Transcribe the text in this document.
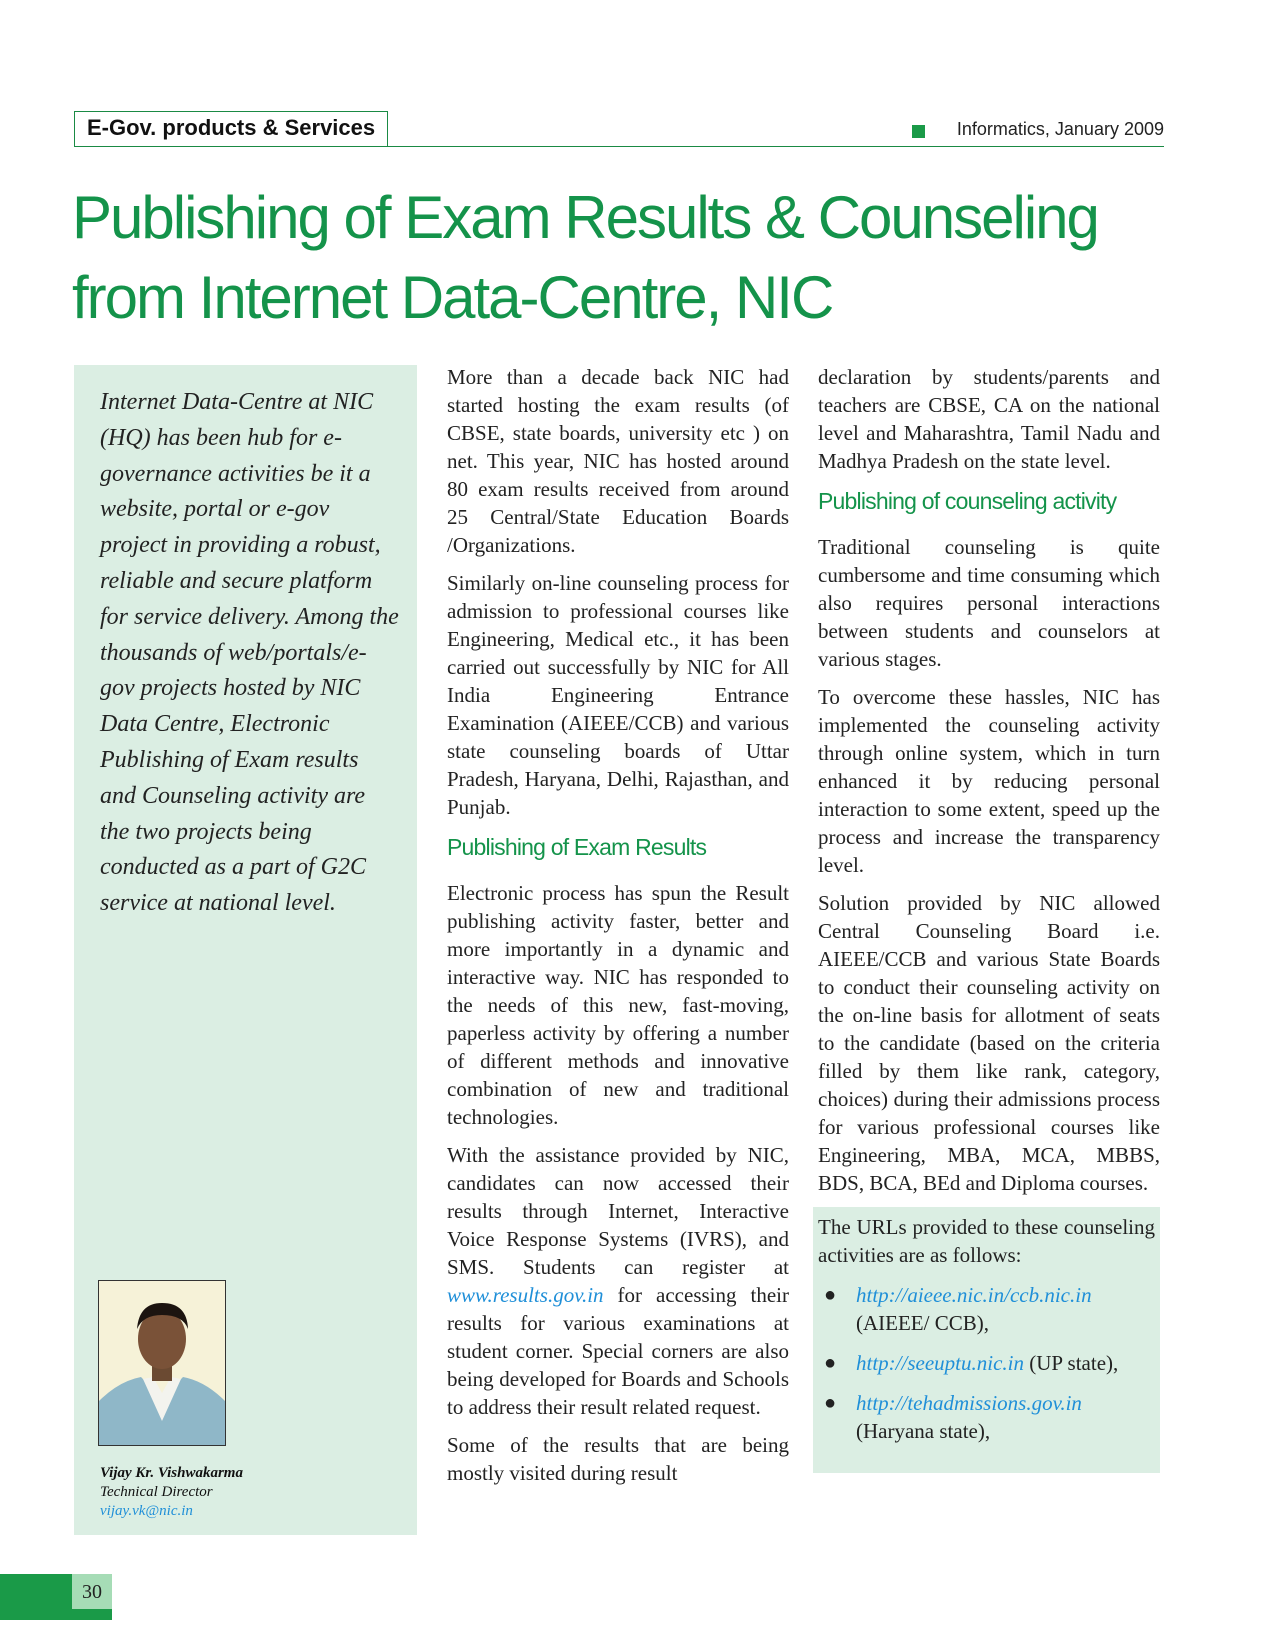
E-Gov. products & Services	Informatics, January 2009
Publishing of Exam Results & Counseling from Internet Data-Centre, NIC

Internet Data-Centre at NIC (HQ) has been hub for e-governance activities be it a website, portal or e-gov project in providing a robust, reliable and secure platform for service delivery. Among the thousands of web/portals/e-gov projects hosted by NIC Data Centre, Electronic Publishing of Exam results and Counseling activity are the two projects being conducted as a part of G2C service at national level.

Vijay Kr. Vishwakarma
Technical Director
vijay.vk@nic.in

More than a decade back NIC had started hosting the exam results (of CBSE, state boards, university etc ) on net. This year, NIC has hosted around 80 exam results received from around 25 Central/State Education Boards /Organizations.

Similarly on-line counseling process for admission to professional courses like Engineering, Medical etc., it has been carried out successfully by NIC for All India Engineering Entrance Examination (AIEEE/CCB) and various state counseling boards of Uttar Pradesh, Haryana, Delhi, Rajasthan, and Punjab.

Publishing of Exam Results

Electronic process has spun the Result publishing activity faster, better and more importantly in a dynamic and interactive way. NIC has responded to the needs of this new, fast-moving, paperless activity by offering a number of different methods and innovative combination of new and traditional technologies.

With the assistance provided by NIC, candidates can now accessed their results through Internet, Interactive Voice Response Systems (IVRS), and SMS. Students can register at www.results.gov.in for accessing their results for various examinations at student corner. Special corners are also being developed for Boards and Schools to address their result related request.

Some of the results that are being mostly visited during result

declaration by students/parents and teachers are CBSE, CA on the national level and Maharashtra, Tamil Nadu and Madhya Pradesh on the state level.

Publishing of counseling activity

Traditional counseling is quite cumbersome and time consuming which also requires personal interactions between students and counselors at various stages.

To overcome these hassles, NIC has implemented the counseling activity through online system, which in turn enhanced it by reducing personal interaction to some extent, speed up the process and increase the transparency level.

Solution provided by NIC allowed Central Counseling Board i.e. AIEEE/CCB and various State Boards to conduct their counseling activity on the on-line basis for allotment of seats to the candidate (based on the criteria filled by them like rank, category, choices) during their admissions process for various professional courses like Engineering, MBA, MCA, MBBS, BDS, BCA, BEd and Diploma courses.

The URLs provided to these counseling activities are as follows:

● http://aieee.nic.in/ccb.nic.in
(AIEEE/ CCB),
● http://seeuptu.nic.in (UP state),
● http://tehadmissions.gov.in
(Haryana state),
30
